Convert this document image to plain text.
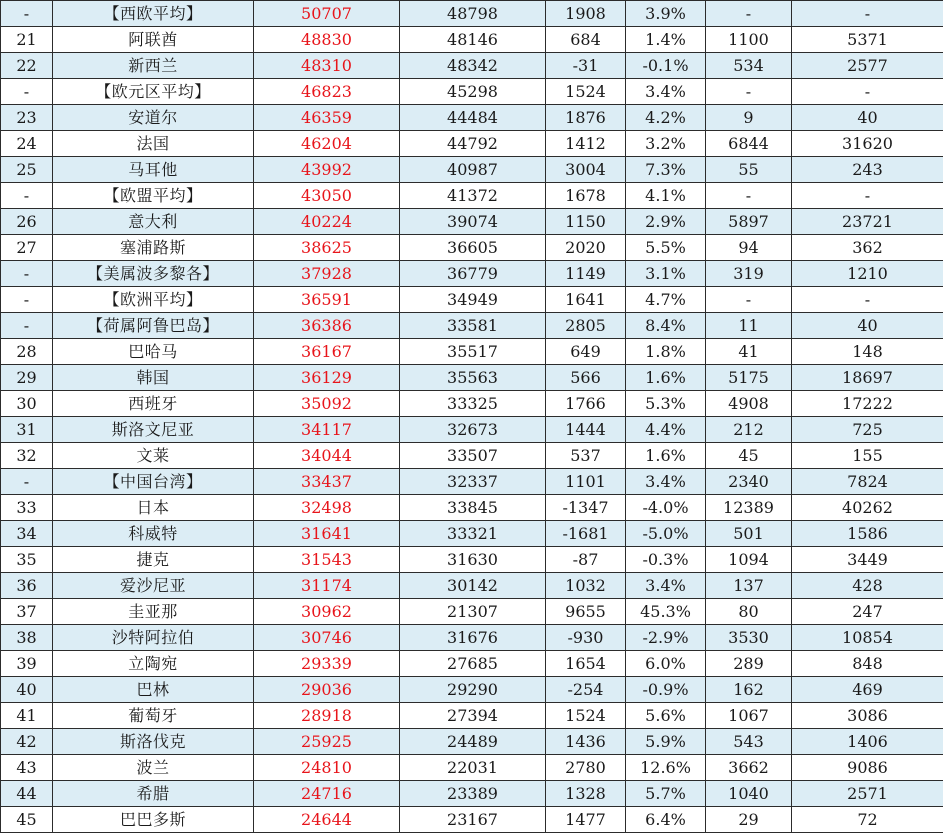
-	【西欧平均】	50707	48798	1908	3.9%	-	-
21	阿联酋	48830	48146	684	1.4%	1100	5371
22	新西兰	48310	48342	-31	-0.1%	534	2577
-	【欧元区平均】	46823	45298	1524	3.4%	-	-
23	安道尔	46359	44484	1876	4.2%	9	40
24	法国	46204	44792	1412	3.2%	6844	31620
25	马耳他	43992	40987	3004	7.3%	55	243
-	【欧盟平均】	43050	41372	1678	4.1%	-	-
26	意大利	40224	39074	1150	2.9%	5897	23721
27	塞浦路斯	38625	36605	2020	5.5%	94	362
-	【美属波多黎各】	37928	36779	1149	3.1%	319	1210
-	【欧洲平均】	36591	34949	1641	4.7%	-	-
-	【荷属阿鲁巴岛】	36386	33581	2805	8.4%	11	40
28	巴哈马	36167	35517	649	1.8%	41	148
29	韩国	36129	35563	566	1.6%	5175	18697
30	西班牙	35092	33325	1766	5.3%	4908	17222
31	斯洛文尼亚	34117	32673	1444	4.4%	212	725
32	文莱	34044	33507	537	1.6%	45	155
-	【中国台湾】	33437	32337	1101	3.4%	2340	7824
33	日本	32498	33845	-1347	-4.0%	12389	40262
34	科威特	31641	33321	-1681	-5.0%	501	1586
35	捷克	31543	31630	-87	-0.3%	1094	3449
36	爱沙尼亚	31174	30142	1032	3.4%	137	428
37	圭亚那	30962	21307	9655	45.3%	80	247
38	沙特阿拉伯	30746	31676	-930	-2.9%	3530	10854
39	立陶宛	29339	27685	1654	6.0%	289	848
40	巴林	29036	29290	-254	-0.9%	162	469
41	葡萄牙	28918	27394	1524	5.6%	1067	3086
42	斯洛伐克	25925	24489	1436	5.9%	543	1406
43	波兰	24810	22031	2780	12.6%	3662	9086
44	希腊	24716	23389	1328	5.7%	1040	2571
45	巴巴多斯	24644	23167	1477	6.4%	29	72
